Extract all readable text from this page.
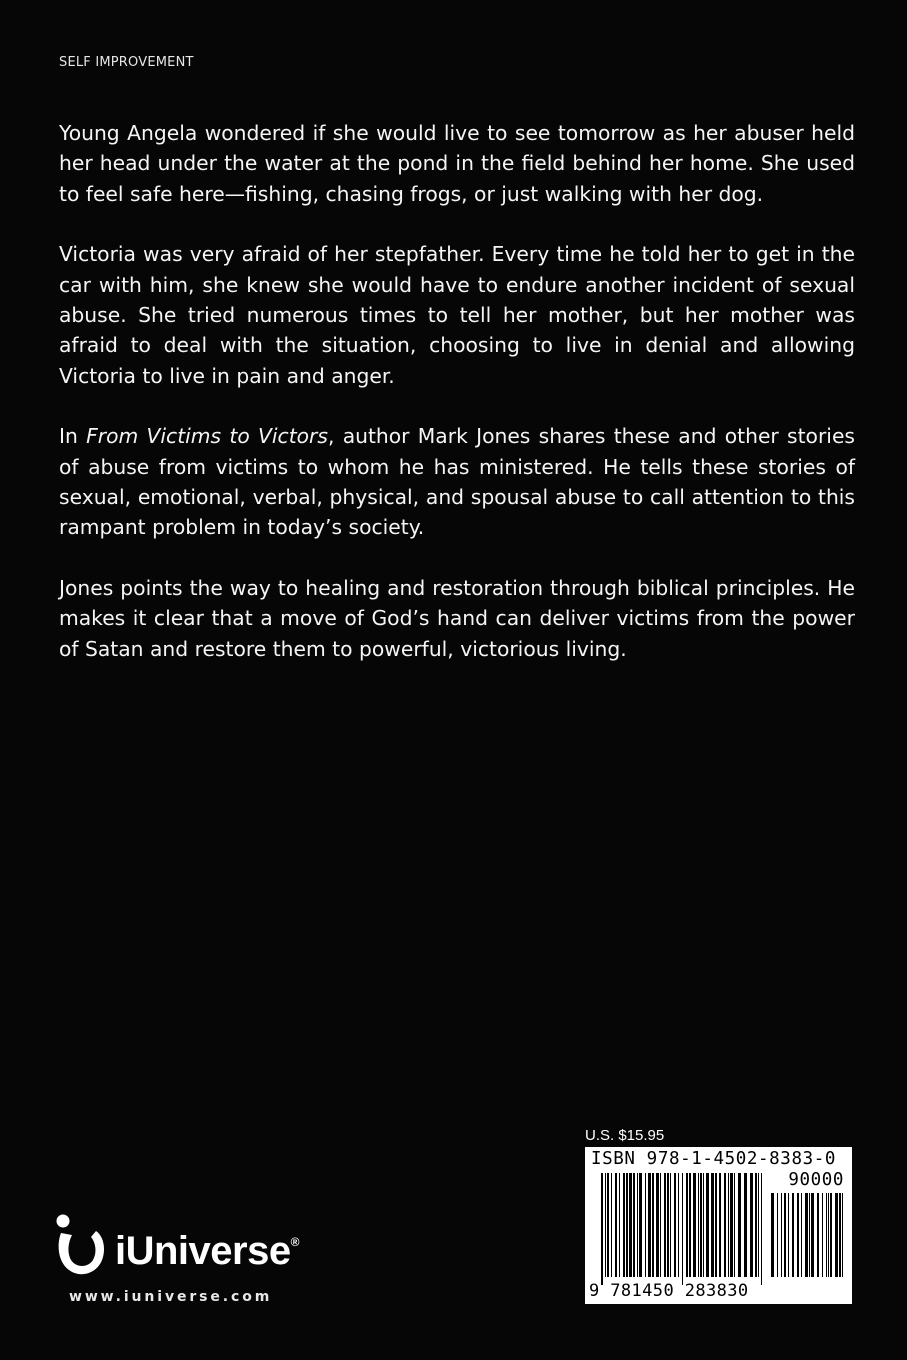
SELF IMPROVEMENT

Young Angela wondered if she would live to see tomorrow as her abuser held her head under the water at the pond in the field behind her home. She used to feel safe here—fishing, chasing frogs, or just walking with her dog.

Victoria was very afraid of her stepfather. Every time he told her to get in the car with him, she knew she would have to endure another incident of sexual abuse. She tried numerous times to tell her mother, but her mother was afraid to deal with the situation, choosing to live in denial and allowing Victoria to live in pain and anger.

In From Victims to Victors, author Mark Jones shares these and other stories of abuse from victims to whom he has ministered. He tells these stories of sexual, emotional, verbal, physical, and spousal abuse to call attention to this rampant problem in today’s society.

Jones points the way to healing and restoration through biblical principles. He makes it clear that a move of God’s hand can deliver victims from the power of Satan and restore them to powerful, victorious living.

iUniverse®
www.iuniverse.com
U.S. $15.95
ISBN 978-1-4502-8383-0
90000
9 781450 283830
